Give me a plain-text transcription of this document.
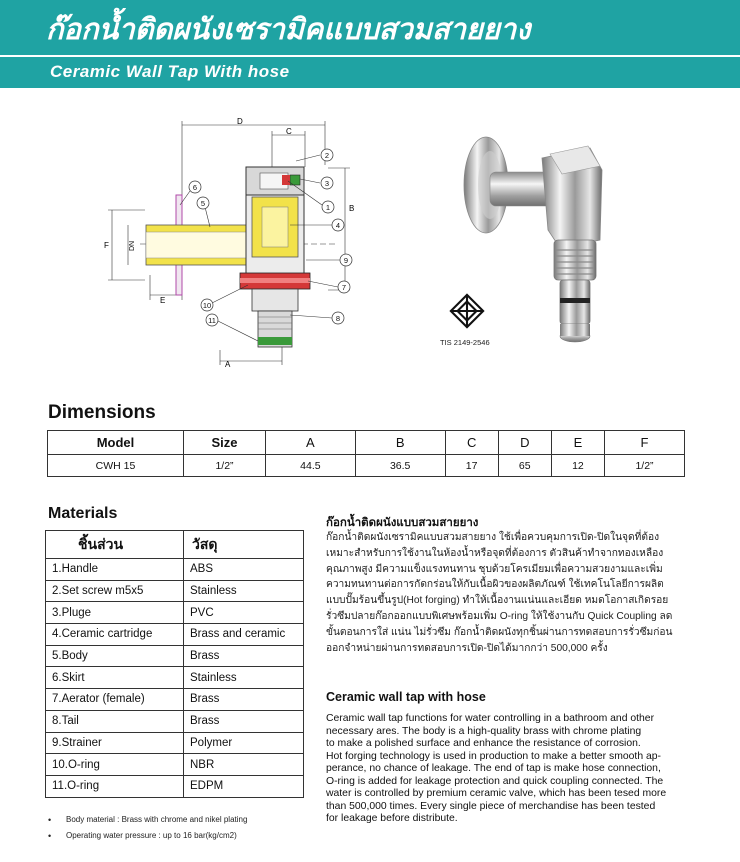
ก๊อกน้ำติดผนังเซรามิคแบบสวมสายยาง
Ceramic Wall Tap With hose
D
C
B
F	DN
E
A
1
2
3
4
5
6
7
8
9
10
11
TIS 2149-2546
Dimensions
Model	Size	A	B	C	D	E	F
CWH 15	1/2”	44.5	36.5	17	65	12	1/2”
Materials
ชิ้นส่วน	วัสดุ
1.Handle	ABS
2.Set screw m5x5	Stainless
3.Pluge	PVC
4.Ceramic cartridge	Brass and ceramic
5.Body	Brass
6.Skirt	Stainless
7.Aerator (female)	Brass
8.Tail	Brass
9.Strainer	Polymer
10.O-ring	NBR
11.O-ring	EDPM
• Body material : Brass with chrome and nikel plating
• Operating water pressure : up to 16 bar(kg/cm2)
ก๊อกน้ำติดผนังแบบสวมสายยาง
ก๊อกน้ำติดผนังเซรามิคแบบสวมสายยาง ใช้เพื่อควบคุมการเปิด-ปิดในจุดที่ต้อง
เหมาะสำหรับการใช้งานในห้องน้ำหรือจุดที่ต้องการ ตัวสินค้าทำจากทองเหลือง
คุณภาพสูง มีความแข็งแรงทนทาน ชุบด้วยโครเมียมเพื่อความสวยงามและเพิ่ม
ความทนทานต่อการกัดกร่อนให้กับเนื้อผิวของผลิตภัณฑ์ ใช้เทคโนโลยีการผลิต
แบบปั๊มร้อนขึ้นรูป(Hot forging) ทำให้เนื้องานแน่นและเอียด หมดโอกาสเกิดรอย
รั่วซึมปลายก๊อกออกแบบพิเศษพร้อมเพิ่ม O-ring ให้ใช้งานกับ Quick Coupling ลด
ขั้นตอนการใส่ แน่น ไม่รั่วซึม ก๊อกน้ำติดผนังทุกชิ้นผ่านการทดสอบการรั่วซึมก่อน
ออกจำหน่ายผ่านการทดสอบการเปิด-ปิดได้มากกว่า 500,000 ครั้ง
Ceramic wall tap with hose
Ceramic wall tap functions for water controlling in a bathroom and other
necessary ares. The body is a high-quality brass with chrome plating
to make a polished surface and enhance the resistance of corrosion.
Hot forging technology is used in production to make a better smooth ap-
perance, no chance of leakage. The end of tap is make hose connection,
O-ring is added for leakage protection and quick coupling connected. The
water is controlled by premium ceramic valve, which has been tesed more
than 500,000 times. Every single piece of merchandise has been tested
for leakage before distribute.
